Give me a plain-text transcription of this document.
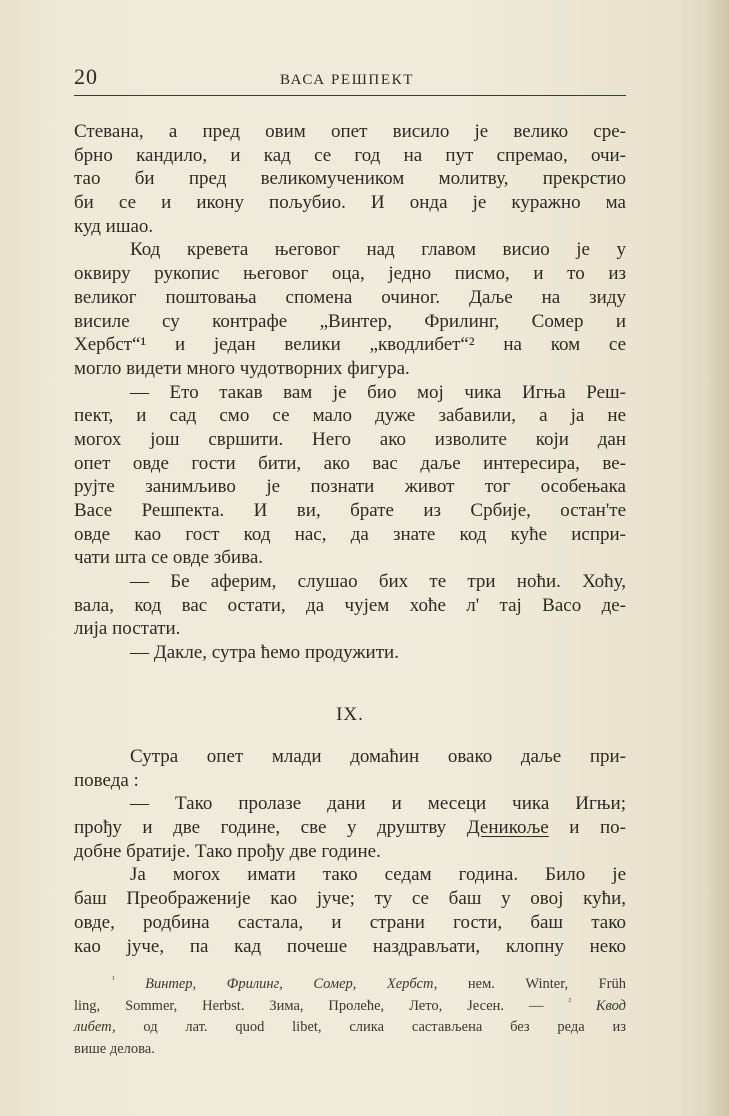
20	ВАСА РЕШПЕКТ
Стевана, а пред овим опет висило је велико сре-
брно кандило, и кад се год на пут спремао, очи-
тао би пред великомучеником молитву, прекрстио
би се и икону пољубио. И онда је куражно ма
куд ишао.
Код кревета његовог над главом висио је у
оквиру рукопис његовог оца, једно писмо, и то из
великог поштовања спомена очиног. Даље на зиду
висиле су контрафе „Винтер, Фрилинг, Сомер и
Хербст“¹ и један велики „кводлибет“² на ком се
могло видети много чудотворних фигура.
— Ето такав вам је био мој чика Игња Реш-
пект, и сад смо се мало дуже забавили, а ја не
могох још свршити. Него ако изволите који дан
опет овде гости бити, ако вас даље интересира, ве-
рујте занимљиво је познати живот тог особењака
Васе Решпекта. И ви, брате из Србије, остан'те
овде као гост код нас, да знате код куће испри-
чати шта се овде збива.
— Бе аферим, слушао бих те три ноћи. Хоћу,
вала, код вас остати, да чујем хоће л' тај Васо де-
лија постати.
— Дакле, сутра ћемо продужити.
IX.
Сутра опет млади домаћин овако даље при-
поведа :
— Тако пролазе дани и месеци чика Игњи;
прођу и две године, све у друштву Деникоље и по-
добне братије. Тако прођу две године.
Ја могох имати тако седам година. Било је
баш Преображеније као јуче; ту се баш у овој кући,
овде, родбина састала, и страни гости, баш тако
као јуче, па кад почеше наздрављати, клопну неко
$^{^1}$ Винтер, Фрилинг, Сомер, Хербст, нем. Winter, Früh
ling, Sommer, Herbst. Зима, Пролеће, Лето, Јесен. — $^{^2}$ Квод
либет, од лат. quod libet, слика састављена без реда из
више делова.
